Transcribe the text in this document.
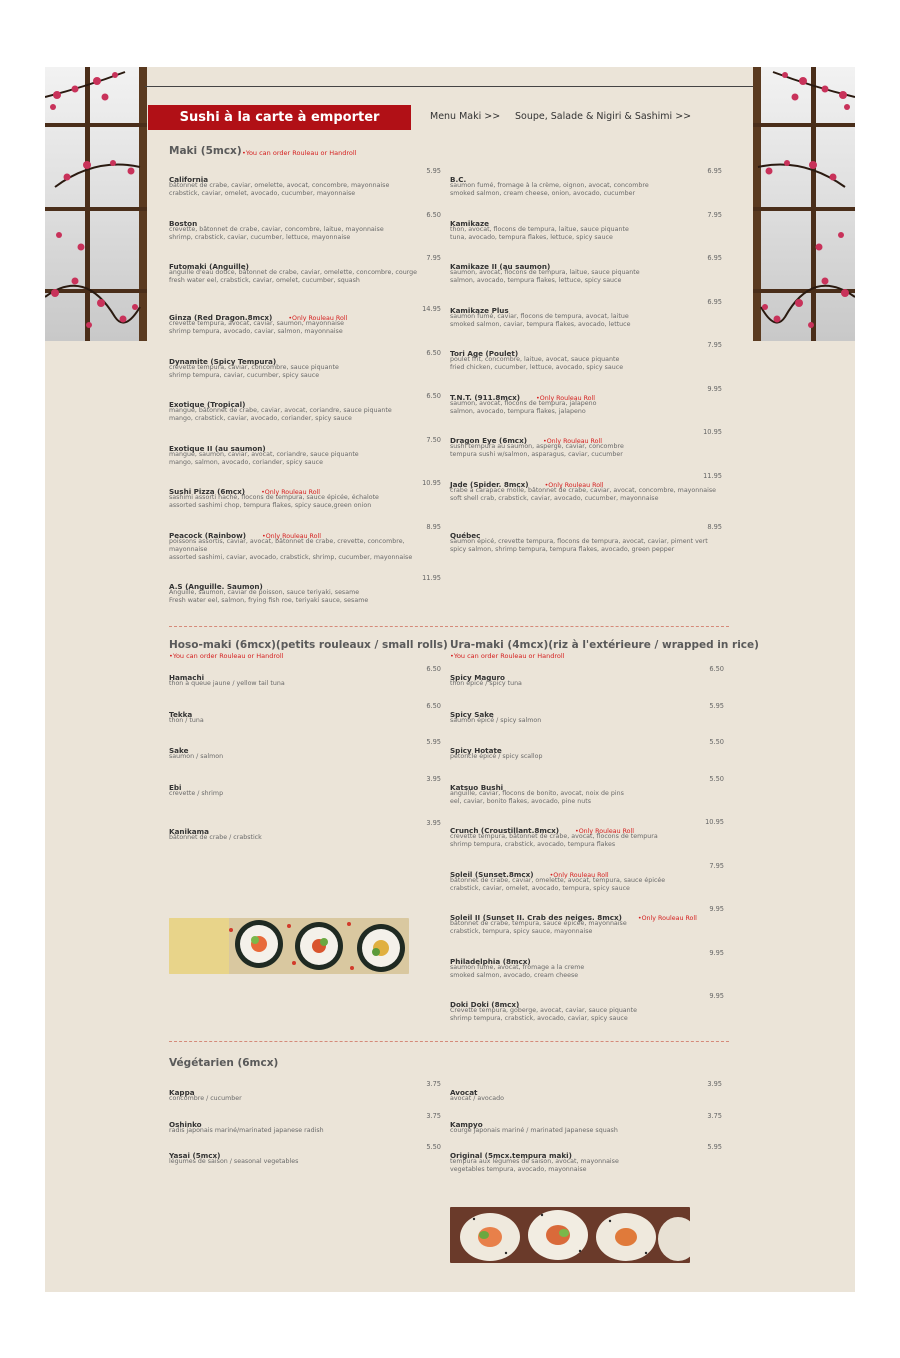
Sushi à la carte à emporter	Menu Maki >> Soupe, Salade & Nigiri & Sashimi >>
Maki (5mcx) •You can order Rouleau or Handroll
California
5.95
bâtonnet de crabe, caviar, omelette, avocat, concombre, mayonnaise
crabstick, caviar, omelet, avocado, cucumber, mayonnaise
Boston
6.50
crevette, bâtonnet de crabe, caviar, concombre, laitue, mayonnaise
shrimp, crabstick, caviar, cucumber, lettuce, mayonnaise
Futomaki (Anguille)
7.95
anguille d'eau douce, bâtonnet de crabe, caviar, omelette, concombre, courge
fresh water eel, crabstick, caviar, omelet, cucumber, squash
Ginza (Red Dragon.8mcx)	•Only Rouleau Roll
14.95
crevette tempura, avocat, caviar, saumon, mayonnaise
shrimp tempura, avocado, caviar, salmon, mayonnaise
Dynamite (Spicy Tempura)
6.50
crevette tempura, caviar, concombre, sauce piquante
shrimp tempura, caviar, cucumber, spicy sauce
Exotique (Tropical)
6.50
mangue, bâtonnet de crabe, caviar, avocat, coriandre, sauce piquante
mango, crabstick, caviar, avocado, coriander, spicy sauce
Exotique II (au saumon)
7.50
mangue, saumon, caviar, avocat, coriandre, sauce piquante
mango, salmon, avocado, coriander, spicy sauce
Sushi Pizza (6mcx)	•Only Rouleau Roll
10.95
sashimi assorti haché, flocons de tempura, sauce épicée, échalote
assorted sashimi chop, tempura flakes, spicy sauce,green onion
Peacock (Rainbow)	•Only Rouleau Roll
8.95
poissons assortis, caviar, avocat, bâtonnet de crabe, crevette, concombre, mayonnaise
assorted sashimi, caviar, avocado, crabstick, shrimp, cucumber, mayonnaise
A.S (Anguille. Saumon)
11.95
Anguille, saumon, caviar de poisson, sauce teriyaki, sesame
Fresh water eel, salmon, frying fish roe, teriyaki sauce, sesame
B.C.
6.95
saumon fumé, fromage à la crème, oignon, avocat, concombre
smoked salmon, cream cheese, onion, avocado, cucumber
Kamikaze
7.95
thon, avocat, flocons de tempura, laitue, sauce piquante
tuna, avocado, tempura flakes, lettuce, spicy sauce
Kamikaze II (au saumon)
6.95
saumon, avocat, flocons de tempura, laitue, sauce piquante
salmon, avocado, tempura flakes, lettuce, spicy sauce
Kamikaze Plus
6.95
saumon fumé, caviar, flocons de tempura, avocat, laitue
smoked salmon, caviar, tempura flakes, avocado, lettuce
Tori Age (Poulet)
7.95
poulet frit, concombre, laitue, avocat, sauce piquante
fried chicken, cucumber, lettuce, avocado, spicy sauce
T.N.T. (911.8mcx)	•Only Rouleau Roll
9.95
saumon, avocat, flocons de tempura, jalapeno
salmon, avocado, tempura flakes, jalapeno
Dragon Eye (6mcx)	•Only Rouleau Roll
10.95
sushi tempura au saumon, asperge, caviar, concombre
tempura sushi w/salmon, asparagus, caviar, cucumber
Jade (Spider. 8mcx)	•Only Rouleau Roll
11.95
crabe à carapace molle, bâtonnet de crabe, caviar, avocat, concombre, mayonnaise
soft shell crab, crabstick, caviar, avocado, cucumber, mayonnaise
Québec
8.95
saumon épicé, crevette tempura, flocons de tempura, avocat, caviar, piment vert
spicy salmon, shrimp tempura, tempura flakes, avocado, green pepper
Hoso-maki (6mcx)(petits rouleaux / small rolls)
•You can order Rouleau or Handroll
Hamachi
6.50
thon à queue jaune / yellow tail tuna
Tekka
6.50
thon / tuna
Sake
5.95
saumon / salmon
Ebi
3.95
crevette / shrimp
Kanikama
3.95
bâtonnet de crabe / crabstick
Ura-maki (4mcx)(riz à l'extérieure / wrapped in rice)
•You can order Rouleau or Handroll
Spicy Maguro
6.50
thon épicé / spicy tuna
Spicy Sake
5.95
saumon épicé / spicy salmon
Spicy Hotate
5.50
pétoncle épicé / spicy scallop
Katsuo Bushi
5.50
anguille, caviar, flocons de bonito, avocat, noix de pins
eel, caviar, bonito flakes, avocado, pine nuts
Crunch (Croustillant.8mcx)	•Only Rouleau Roll
10.95
crevette tempura, bâtonnet de crabe, avocat, flocons de tempura
shrimp tempura, crabstick, avocado, tempura flakes
Soleil (Sunset.8mcx)	•Only Rouleau Roll
7.95
bâtonnet de crabe, caviar, omelette, avocat, tempura, sauce épicée
crabstick, caviar, omelet, avocado, tempura, spicy sauce
Soleil II (Sunset II. Crab des neiges. 8mcx)	•Only Rouleau Roll
9.95
bâtonnet de crabe, tempura, sauce épicée, mayonnaise
crabstick, tempura, spicy sauce, mayonnaise
Philadelphia (8mcx)
9.95
saumon fume, avocat, fromage a la creme
smoked salmon, avocado, cream cheese
Doki Doki (8mcx)
9.95
Crevette tempura, goberge, avocat, caviar, sauce piquante
shrimp tempura, crabstick, avocado, caviar, spicy sauce
Végétarien (6mcx)
Kappa
3.75
concombre / cucumber
Oshinko
3.75
radis japonais mariné/marinated japanese radish
Yasai (5mcx)
5.50
légumes de saison / seasonal vegetables
Avocat
3.95
avocat / avocado
Kampyo
3.75
courge japonais mariné / marinated Japanese squash
Original (5mcx.tempura maki)
5.95
tempura aux légumes de saison, avocat, mayonnaise
vegetables tempura, avocado, mayonnaise
